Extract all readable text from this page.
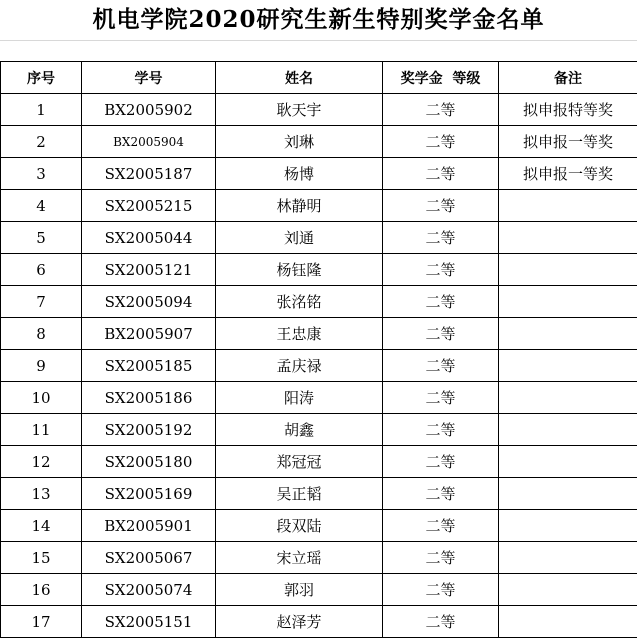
机电学院2020研究生新生特别奖学金名单
序号	学号	姓名	奖学金  等级	备注
1	BX2005902	耿天宇	二等	拟申报特等奖
2	BX2005904	刘琳	二等	拟申报一等奖
3	SX2005187	杨博	二等	拟申报一等奖
4	SX2005215	林静明	二等	
5	SX2005044	刘通	二等	
6	SX2005121	杨钰隆	二等	
7	SX2005094	张洺铭	二等	
8	BX2005907	王忠康	二等	
9	SX2005185	孟庆禄	二等	
10	SX2005186	阳涛	二等	
11	SX2005192	胡鑫	二等	
12	SX2005180	郑冠冠	二等	
13	SX2005169	吴正韬	二等	
14	BX2005901	段双陆	二等	
15	SX2005067	宋立瑶	二等	
16	SX2005074	郭羽	二等	
17	SX2005151	赵泽芳	二等	
